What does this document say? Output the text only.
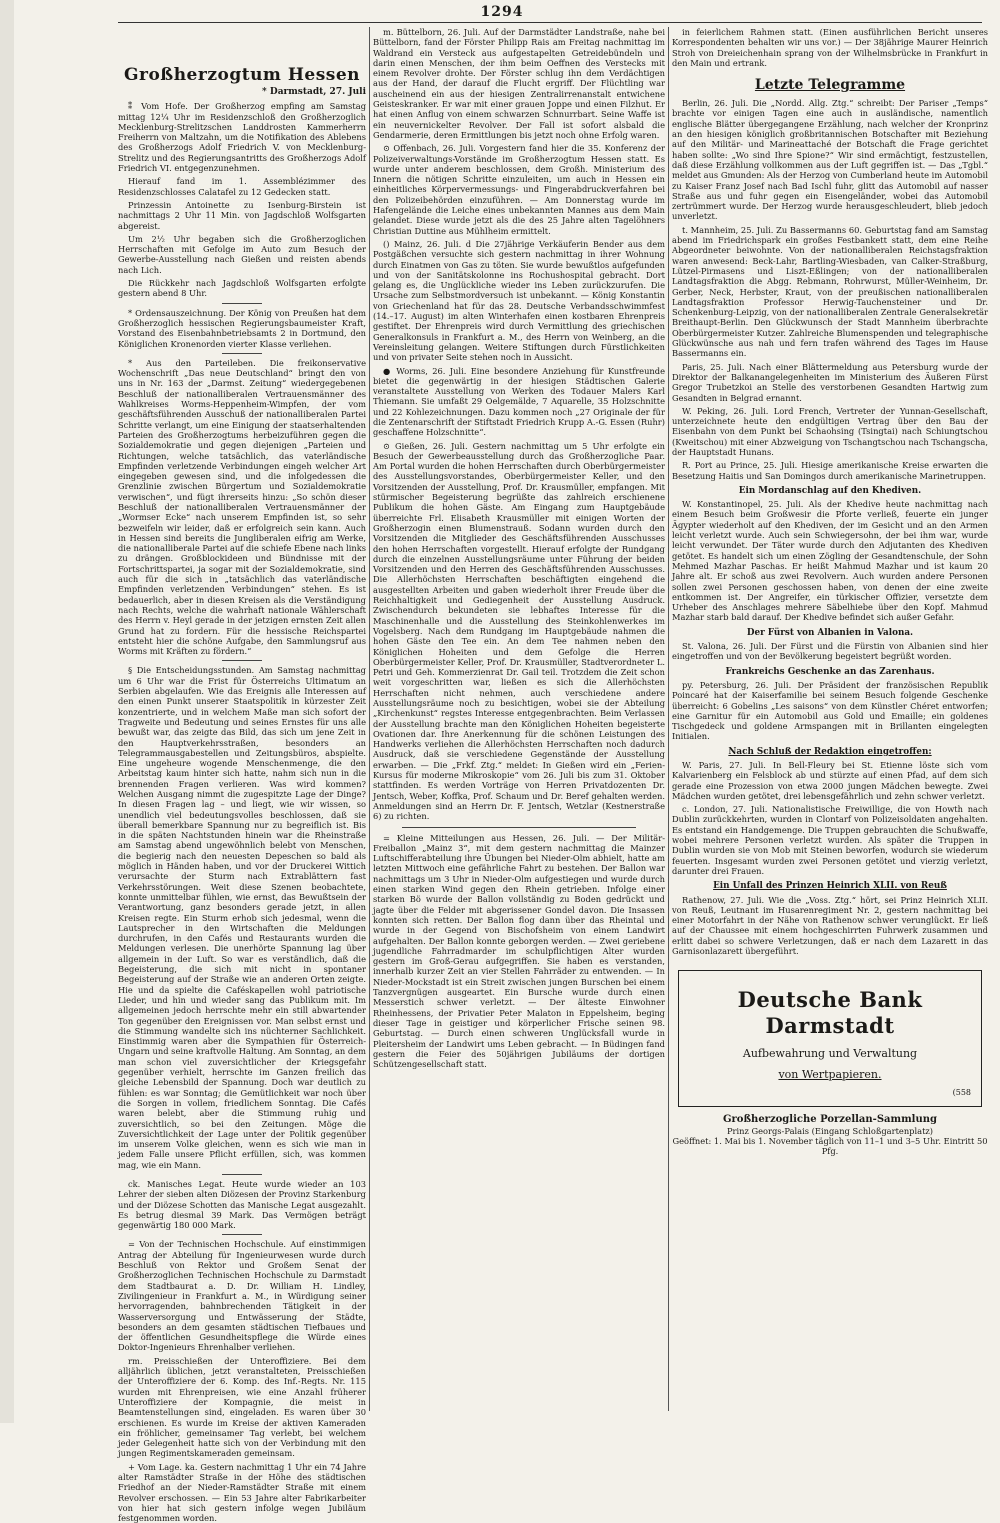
1294
Großherzogtum Hessen
* Darmstadt, 27. Juli

⁑ Vom Hofe. Der Großherzog empfing am Samstag mittag 12¼ Uhr im Residenzschloß den Großherzoglich Mecklenburg-Strelitzschen Landdrosten Kammerherrn Freiherrn von Maltzahn, um die Notifikation des Ablebens des Großherzogs Adolf Friedrich V. von Mecklenburg-Strelitz und des Regierungsantritts des Großherzogs Adolf Friedrich VI. entgegenzunehmen.

Hierauf fand im 1. Assemblézimmer des Residenzschlosses Calatafel zu 12 Gedecken statt.

Prinzessin Antoinette zu Isenburg-Birstein ist nachmittags 2 Uhr 11 Min. von Jagdschloß Wolfsgarten abgereist.

Um 2½ Uhr begaben sich die Großherzoglichen Herrschaften mit Gefolge im Auto zum Besuch der Gewerbe-Ausstellung nach Gießen und reisten abends nach Lich.

Die Rückkehr nach Jagdschloß Wolfsgarten erfolgte gestern abend 8 Uhr.

* Ordensauszeichnung. Der König von Preußen hat dem Großherzoglich hessischen Regierungsbaumeister Kraft, Vorstand des Eisenbahnbetriebsamts 2 in Dortmund, den Königlichen Kronenorden vierter Klasse verliehen.

* Aus den Parteileben. Die freikonservative Wochenschrift „Das neue Deutschland“ bringt den von uns in Nr. 163 der „Darmst. Zeitung“ wiedergegebenen Beschluß der nationalliberalen Vertrauensmänner des Wahlkreises Worms-Heppenheim-Wimpfen, der vom geschäftsführenden Ausschuß der nationalliberalen Partei Schritte verlangt, um eine Einigung der staatserhaltenden Parteien des Großherzogtums herbeizuführen gegen die Sozialdemokratie und gegen diejenigen „Parteien und Richtungen, welche tatsächlich, das vaterländische Empfinden verletzende Verbindungen eingeh welcher Art eingegeben gewesen sind, und die infolgedessen die Grenzlinie zwischen Bürgertum und Sozialdemokratie verwischen“, und fügt ihrerseits hinzu: „So schön dieser Beschluß der nationalliberalen Vertrauensmänner der „Wormser Ecke“ nach unserem Empfinden ist, so sehr bezweifeln wir leider, daß er erfolgreich sein kann. Auch in Hessen sind bereits die Jungliberalen eifrig am Werke, die nationalliberale Partei auf die schiefe Ebene nach links zu drängen. Großblockideen und Bündnisse mit der Fortschrittspartei, ja sogar mit der Sozialdemokratie, sind auch für die sich in „tatsächlich das vaterländische Empfinden verletzenden Verbindungen“ stehen. Es ist bedauerlich, aber in diesen Kreisen als die Verständigung nach Rechts, welche die wahrhaft nationale Wählerschaft des Herrn v. Heyl gerade in der jetzigen ernsten Zeit allen Grund hat zu fordern. Für die hessische Reichspartei entsteht hier die schöne Aufgabe, den Sammlungsruf aus Worms mit Kräften zu fördern.“

§ Die Entscheidungsstunden. Am Samstag nachmittag um 6 Uhr war die Frist für Österreichs Ultimatum an Serbien abgelaufen. Wie das Ereignis alle Interessen auf den einen Punkt unserer Staatspolitik in kürzester Zeit konzentrierte, und in welchem Maße man sich sofort der Tragweite und Bedeutung und seines Ernstes für uns alle bewußt war, das zeigte das Bild, das sich um jene Zeit in den Hauptverkehrsstraßen, besonders an Telegrammausgabestellen und Zeitungsbüros, abspielte. Eine ungeheure wogende Menschenmenge, die den Arbeitstag kaum hinter sich hatte, nahm sich nun in die brennenden Fragen verlieren. Was wird kommen? Welchen Ausgang nimmt die zugespitzte Lage der Dinge? In diesen Fragen lag – und liegt, wie wir wissen, so unendlich viel bedeutungsvolles beschlossen, daß sie überall bemerkbare Spannung nur zu begreiflich ist. Bis in die späten Nachtstunden hinein war die Rheinstraße am Samstag abend ungewöhnlich belebt von Menschen, die begierig nach den neuesten Depeschen so bald als möglich in Händen haben, und vor der Druckerei Wittich verursachte der Sturm nach Extrablättern fast Verkehrsstörungen. Weit diese Szenen beobachtete, konnte unmittelbar fühlen, wie ernst, das Bewußtsein der Verantwortung, ganz besonders gerade jetzt, in allen Kreisen regte. Ein Sturm erhob sich jedesmal, wenn die Lautsprecher in den Wirtschaften die Meldungen durchrufen, in den Cafés und Restaurants wurden die Meldungen verlesen. Die unerhörte Spannung lag über allgemein in der Luft. So war es verständlich, daß die Begeisterung, die sich mit nicht in spontaner Begeisterung auf der Straße wie an anderen Orten zeigte. Hie und da spielte die Caféskapellen wohl patriotische Lieder, und hin und wieder sang das Publikum mit. Im allgemeinen jedoch herrschte mehr ein still abwartender Ton gegenüber den Ereignissen vor. Man selbst ernst und die Stimmung wandelte sich ins nüchterner Sachlichkeit. Einstimmig waren aber die Sympathien für Österreich-Ungarn und seine kraftvolle Haltung. Am Sonntag, an dem man schon viel zuversichtlicher der Kriegsgefahr gegenüber verhielt, herrschte im Ganzen freilich das gleiche Lebensbild der Spannung. Doch war deutlich zu fühlen: es war Sonntag; die Gemütlichkeit war noch über die Sorgen in vollem, friedlichem Sonntag. Die Cafés waren belebt, aber die Stimmung ruhig und zuversichtlich, so bei den Zeitungen. Möge die Zuversichtlichkeit der Lage unter der Politik gegenüber im unserem Volke gleichen, wenn es sich wie man in jedem Falle unsere Pflicht erfüllen, sich, was kommen mag, wie ein Mann.

ck. Manisches Legat. Heute wurde wieder an 103 Lehrer der sieben alten Diözesen der Provinz Starkenburg und der Diözese Schotten das Manische Legat ausgezahlt. Es betrug diesmal 39 Mark. Das Vermögen beträgt gegenwärtig 180 000 Mark.

= Von der Technischen Hochschule. Auf einstimmigen Antrag der Abteilung für Ingenieurwesen wurde durch Beschluß von Rektor und Großem Senat der Großherzoglichen Technischen Hochschule zu Darmstadt dem Stadtbaurat a. D. Dr. William H. Lindley, Zivilingenieur in Frankfurt a. M., in Würdigung seiner hervorragenden, bahnbrechenden Tätigkeit in der Wasserversorgung und Entwässerung der Städte, besonders an dem gesamten städtischen Tiefbaues und der öffentlichen Gesundheitspflege die Würde eines Doktor-Ingenieurs Ehrenhalber verliehen.

rm. Preisschießen der Unteroffiziere. Bei dem alljährlich üblichen, jetzt veranstalteten, Preisschießen der Unteroffiziere der 6. Komp. des Inf.-Regts. Nr. 115 wurden mit Ehrenpreisen, wie eine Anzahl früherer Unteroffiziere der Kompagnie, die meist in Beamtenstellungen sind, eingeladen. Es waren über 30 erschienen. Es wurde im Kreise der aktiven Kameraden ein fröhlicher, gemeinsamer Tag verlebt, bei welchem jeder Gelegenheit hatte sich von der Verbindung mit den jungen Regimentskameraden gemeinsam.

+ Vom Lage. ka. Gestern nachmittag 1 Uhr ein 74 Jahre alter Ramstädter Straße in der Höhe des städtischen Friedhof an der Nieder-Ramstädter Straße mit einem Revolver erschossen. — Ein 53 Jahre alter Fabrikarbeiter von hier hat sich gestern infolge wegen Jubiläum festgenommen worden.

m. Büttelborn, 26. Juli. Auf der Darmstädter Landstraße, nahe bei Büttelborn, fand der Förster Philipp Rais am Freitag nachmittag im Waldrand ein Versteck aus aufgestapelten Getreidebündeln und darin einen Menschen, der ihm beim Oeffnen des Verstecks mit einem Revolver drohte. Der Förster schlug ihn dem Verdächtigen aus der Hand, der darauf die Flucht ergriff. Der Flüchtling war auscheinend ein aus der hiesigen Zentralirrenanstalt entwichene Geisteskranker. Er war mit einer grauen Joppe und einen Filzhut. Er hat einen Anflug von einem schwarzen Schnurrbart. Seine Waffe ist ein neuvernickelter Revolver. Der Fall ist sofort alsbald die Gendarmerie, deren Ermittlungen bis jetzt noch ohne Erfolg waren.

⊙ Offenbach, 26. Juli. Vorgestern fand hier die 35. Konferenz der Polizeiverwaltungs-Vorstände im Großherzogtum Hessen statt. Es wurde unter anderem beschlossen, dem Großh. Ministerium des Innern die nötigen Schritte einzuleiten, um auch in Hessen ein einheitliches Körpervermessungs- und Fingerabdruckverfahren bei den Polizeibehörden einzuführen. — Am Donnerstag wurde im Hafengelände die Leiche eines unbekannten Mannes aus dem Main gelandet. Diese wurde jetzt als die des 25 Jahre alten Tagelöhners Christian Duttine aus Mühlheim ermittelt.

() Mainz, 26. Juli. d Die 27jährige Verkäuferin Bender aus dem Postgäßchen versuchte sich gestern nachmittag in ihrer Wohnung durch Einatmen von Gas zu töten. Sie wurde bewußtlos aufgefunden und von der Sanitätskolonne ins Rochushospital gebracht. Dort gelang es, die Unglückliche wieder ins Leben zurückzurufen. Die Ursache zum Selbstmordversuch ist unbekannt. — König Konstantin von Griechenland hat für das 28. Deutsche Verbandsschwimmfest (14.–17. August) im alten Winterhafen einen kostbaren Ehrenpreis gestiftet. Der Ehrenpreis wird durch Vermittlung des griechischen Generalkonsuls in Frankfurt a. M., des Herrn von Weinberg, an die Vereinsleitung gelangen. Weitere Stiftungen durch Fürstlichkeiten und von privater Seite stehen noch in Aussicht.

● Worms, 26. Juli. Eine besondere Anziehung für Kunstfreunde bietet die gegenwärtig in der hiesigen Städtischen Galerie veranstaltete Ausstellung von Werken des Todauer Malers Karl Thiemann. Sie umfaßt 29 Oelgemälde, 7 Aquarelle, 35 Holzschnitte und 22 Kohlezeichnungen. Dazu kommen noch „27 Originale der für die Zentenarschrift der Stiftstadt Friedrich Krupp A.-G. Essen (Ruhr) geschaffene Holzschnitte“.

⊙ Gießen, 26. Juli. Gestern nachmittag um 5 Uhr erfolgte ein Besuch der Gewerbeausstellung durch das Großherzogliche Paar. Am Portal wurden die hohen Herrschaften durch Oberbürgermeister des Ausstellungsvorstandes, Oberbürgermeister Keller, und den Vorsitzenden der Ausstellung, Prof. Dr. Krausmüller, empfangen. Mit stürmischer Begeisterung begrüßte das zahlreich erschienene Publikum die hohen Gäste. Am Eingang zum Hauptgebäude überreichte Frl. Elisabeth Krausmüller mit einigen Worten der Großherzogin einen Blumenstrauß. Sodann wurden durch den Vorsitzenden die Mitglieder des Geschäftsführenden Ausschusses den hohen Herrschaften vorgestellt. Hierauf erfolgte der Rundgang durch die einzelnen Ausstellungsräume unter Führung der beiden Vorsitzenden und den Herren des Geschäftsführenden Ausschusses. Die Allerhöchsten Herrschaften beschäftigten eingehend die ausgestellten Arbeiten und gaben wiederholt ihrer Freude über die Reichhaltigkeit und Gediegenheit der Ausstellung Ausdruck. Zwischendurch bekundeten sie lebhaftes Interesse für die Maschinenhalle und die Ausstellung des Steinkohlenwerkes im Vogelsberg. Nach dem Rundgang im Hauptgebäude nahmen die hohen Gäste den Tee ein. An dem Tee nahmen neben den Königlichen Hoheiten und dem Gefolge die Herren Oberbürgermeister Keller, Prof. Dr. Krausmüller, Stadtverordneter L. Petri und Geh. Kommerzienrat Dr. Gail teil. Trotzdem die Zeit schon weit vorgeschritten war, ließen es sich die Allerhöchsten Herrschaften nicht nehmen, auch verschiedene andere Ausstellungsräume noch zu besichtigen, wobei sie der Abteilung „Kirchenkunst“ regstes Interesse entgegenbrachten. Beim Verlassen der Ausstellung brachte man den Königlichen Hoheiten begeisterte Ovationen dar. Ihre Anerkennung für die schönen Leistungen des Handwerks verliehen die Allerhöchsten Herrschaften noch dadurch Ausdruck, daß sie verschiedene Gegenstände der Ausstellung erwarben. — Die „Frkf. Ztg.“ meldet: In Gießen wird ein „Ferien-Kursus für moderne Mikroskopie“ vom 26. Juli bis zum 31. Oktober stattfinden. Es werden Vorträge von Herren Privatdozenten Dr. Jentsch, Weber, Koffka, Prof. Schaum und Dr. Beref gehalten werden. Anmeldungen sind an Herrn Dr. F. Jentsch, Wetzlar (Kestnerstraße 6) zu richten.

= Kleine Mitteilungen aus Hessen, 26. Juli. — Der Militär-Freiballon „Mainz 3“, mit dem gestern nachmittag die Mainzer Luftschifferabteilung ihre Übungen bei Nieder-Olm abhielt, hatte am letzten Mittwoch eine gefährliche Fahrt zu bestehen. Der Ballon war nachmittags um 3 Uhr in Nieder-Olm aufgestiegen und wurde durch einen starken Wind gegen den Rhein getrieben. Infolge einer starken Bö wurde der Ballon vollständig zu Boden gedrückt und jagte über die Felder mit abgerissener Gondel davon. Die Insassen konnten sich retten. Der Ballon flog dann über das Rheintal und wurde in der Gegend von Bischofsheim von einem Landwirt aufgehalten. Der Ballon konnte geborgen werden. — Zwei geriebene jugendliche Fahrradmarder im schulpflichtigen Alter wurden gestern im Groß-Gerau aufgegriffen. Sie haben es verstanden, innerhalb kurzer Zeit an vier Stellen Fahrräder zu entwenden. — In Nieder-Mockstadt ist ein Streit zwischen jungen Burschen bei einem Tanzvergnügen ausgeartet. Ein Bursche wurde durch einen Messerstich schwer verletzt. — Der älteste Einwohner Rheinhessens, der Privatier Peter Malaton in Eppelsheim, beging dieser Tage in geistiger und körperlicher Frische seinen 98. Geburtstag. — Durch einen schweren Unglücksfall wurde in Pleitersheim der Landwirt ums Leben gebracht. — In Büdingen fand gestern die Feier des 50jährigen Jubiläums der dortigen Schützengesellschaft statt.

in feierlichem Rahmen statt. (Einen ausführlichen Bericht unseres Korrespondenten behalten wir uns vor.) — Der 38jährige Maurer Heinrich Stroh von Dreieichenhain sprang von der Wilhelmsbrücke in Frankfurt in den Main und ertrank.

Letzte Telegramme

Berlin, 26. Juli. Die „Nordd. Allg. Ztg.“ schreibt: Der Pariser „Temps“ brachte vor einigen Tagen eine auch in ausländische, namentlich englische Blätter übergegangene Erzählung, nach welcher der Kronprinz an den hiesigen königlich großbritannischen Botschafter mit Beziehung auf den Militär- und Marineattaché der Botschaft die Frage gerichtet haben sollte: „Wo sind Ihre Spione?“ Wir sind ermächtigt, festzustellen, daß diese Erzählung vollkommen aus der Luft gegriffen ist. — Das „Tgbl.“ meldet aus Gmunden: Als der Herzog von Cumberland heute im Automobil zu Kaiser Franz Josef nach Bad Ischl fuhr, glitt das Automobil auf nasser Straße aus und fuhr gegen ein Eisengeländer, wobei das Automobil zertrümmert wurde. Der Herzog wurde herausgeschleudert, blieb jedoch unverletzt.

t. Mannheim, 25. Juli. Zu Bassermanns 60. Geburtstag fand am Samstag abend im Friedrichspark ein großes Festbankett statt, dem eine Reihe Abgeordneter beiwohnte. Von der nationalliberalen Reichstagsfraktion waren anwesend: Beck-Lahr, Bartling-Wiesbaden, van Calker-Straßburg, Lützel-Pirmasens und Liszt-Eßlingen; von der nationalliberalen Landtagsfraktion die Abgg. Rebmann, Rohrwurst, Müller-Weinheim, Dr. Gerber, Neck, Herbster, Kraut, von der preußischen nationalliberalen Landtagsfraktion Professor Herwig-Tauchensteiner und Dr. Schenkenburg-Leipzig, von der nationalliberalen Zentrale Generalsekretär Breithaupt-Berlin. Den Glückwunsch der Stadt Mannheim überbrachte Oberbürgermeister Kutzer. Zahlreiche Blumenspenden und telegraphische Glückwünsche aus nah und fern trafen während des Tages im Hause Bassermanns ein.

Paris, 25. Juli. Nach einer Blättermeldung aus Petersburg wurde der Direktor der Balkanangelegenheiten im Ministerium des Äußeren Fürst Gregor Trubetzkoi an Stelle des verstorbenen Gesandten Hartwig zum Gesandten in Belgrad ernannt.

W. Peking, 26. Juli. Lord French, Vertreter der Yunnan-Gesellschaft, unterzeichnete heute den endgültigen Vertrag über den Bau der Eisenbahn von dem Punkt bei Schaohsing (Tsingtai) nach Schiungtschou (Kweitschou) mit einer Abzweigung von Tschangtschou nach Tschangscha, der Hauptstadt Hunans.

R. Port au Prince, 25. Juli. Hiesige amerikanische Kreise erwarten die Besetzung Haitis und San Domingos durch amerikanische Marinetruppen.

Ein Mordanschlag auf den Khediven.

W. Konstantinopel, 25. Juli. Als der Khedive heute nachmittag nach einem Besuch beim Großwesir die Pforte verließ, feuerte ein junger Ägypter wiederholt auf den Khediven, der im Gesicht und an den Armen leicht verletzt wurde. Auch sein Schwiegersohn, der bei ihm war, wurde leicht verwundet. Der Täter wurde durch den Adjutanten des Khediven getötet. Es handelt sich um einen Zögling der Gesandtenschule, der Sohn Mehmed Mazhar Paschas. Er heißt Mahmud Mazhar und ist kaum 20 Jahre alt. Er schoß aus zwei Revolvern. Auch wurden andere Personen sollen zwei Personen geschossen haben, von denen der eine zweite entkommen ist. Der Angreifer, ein türkischer Offizier, versetzte dem Urheber des Anschlages mehrere Säbelhiebe über den Kopf. Mahmud Mazhar starb bald darauf. Der Khedive befindet sich außer Gefahr.

Der Fürst von Albanien in Valona.

St. Valona, 26. Juli. Der Fürst und die Fürstin von Albanien sind hier eingetroffen und von der Bevölkerung begeistert begrüßt worden.

Frankreichs Geschenke an das Zarenhaus.

py. Petersburg, 26. Juli. Der Präsident der französischen Republik Poincaré hat der Kaiserfamilie bei seinem Besuch folgende Geschenke überreicht: 6 Gobelins „Les saisons“ von dem Künstler Chéret entworfen; eine Garnitur für ein Automobil aus Gold und Emaille; ein goldenes Tischgedeck und goldene Armspangen mit in Brillanten eingelegten Initialen.

Nach Schluß der Redaktion eingetroffen:

W. Paris, 27. Juli. In Bell-Fleury bei St. Etienne löste sich vom Kalvarienberg ein Felsblock ab und stürzte auf einen Pfad, auf dem sich gerade eine Prozession von etwa 2000 jungen Mädchen bewegte. Zwei Mädchen wurden getötet, drei lebensgefährlich und zehn schwer verletzt.

c. London, 27. Juli. Nationalistische Freiwillige, die von Howth nach Dublin zurückkehrten, wurden in Clontarf von Polizeisoldaten angehalten. Es entstand ein Handgemenge. Die Truppen gebrauchten die Schußwaffe, wobei mehrere Personen verletzt wurden. Als später die Truppen in Dublin wurden sie von Mob mit Steinen beworfen, wodurch sie wiederum feuerten. Insgesamt wurden zwei Personen getötet und vierzig verletzt, darunter drei Frauen.

Ein Unfall des Prinzen Heinrich XLII. von Reuß

Rathenow, 27. Juli. Wie die „Voss. Ztg.“ hört, sei Prinz Heinrich XLII. von Reuß, Leutnant im Husarenregiment Nr. 2, gestern nachmittag bei einer Motorfahrt in der Nähe von Rathenow schwer verunglückt. Er ließ auf der Chaussee mit einem hochgeschirrten Fuhrwerk zusammen und erlitt dabei so schwere Verletzungen, daß er nach dem Lazarett in das Garnisonlazarett übergeführt.

Deutsche Bank Darmstadt
Aufbewahrung und Verwaltung
von Wertpapieren.
(558
Großherzogliche Porzellan-Sammlung
Prinz Georgs-Palais (Eingang Schloßgartenplatz)
Geöffnet: 1. Mai bis 1. November täglich von 11–1 und 3–5 Uhr. Eintritt 50 Pfg.
